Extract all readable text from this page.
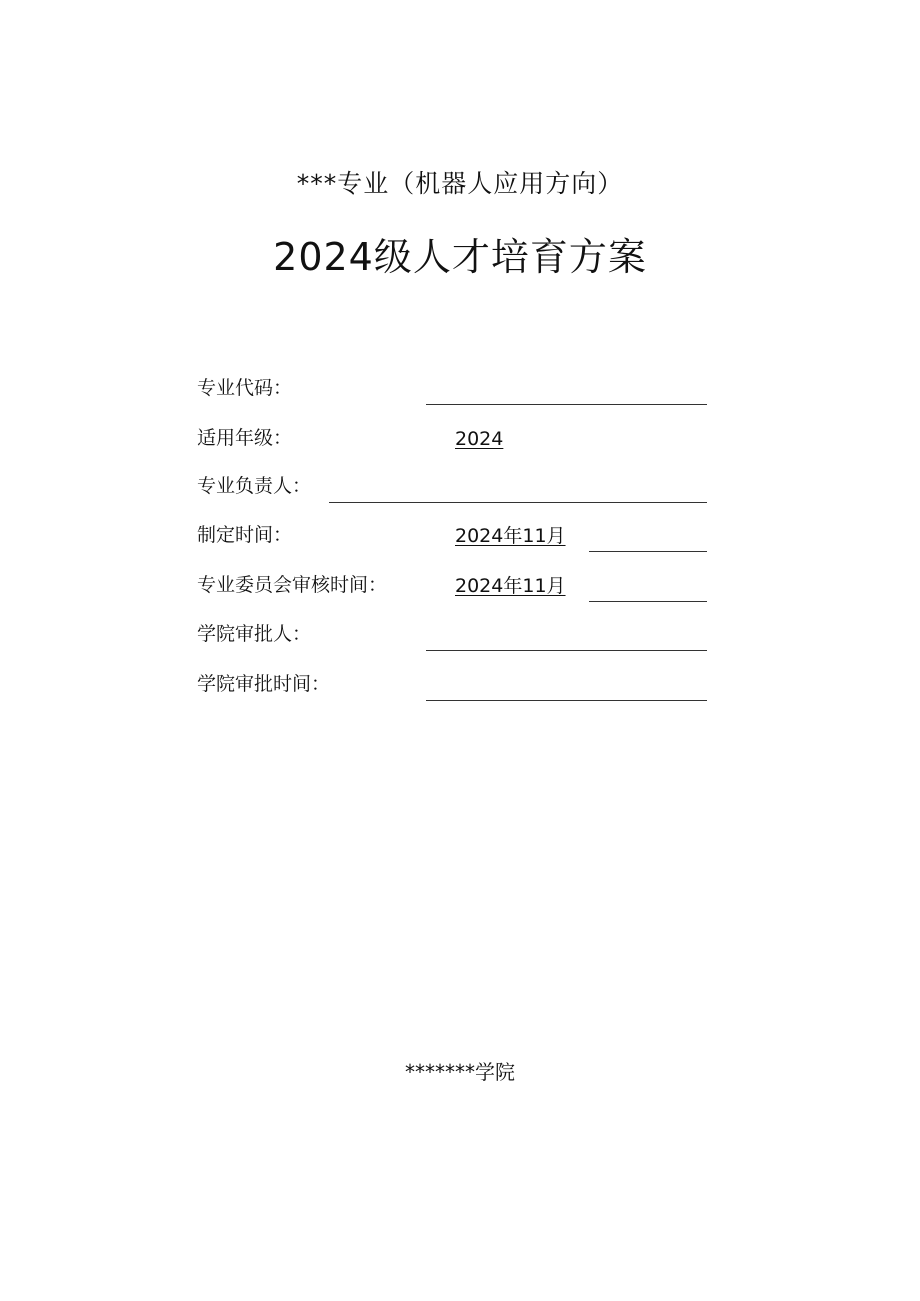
***专业（机器人应用方向）
2024级人才培育方案
专业代码：
适用年级：	2024
专业负责人：
制定时间：	2024年11月
专业委员会审核时间：	2024年11月
学院审批人：
学院审批时间：
*******学院
